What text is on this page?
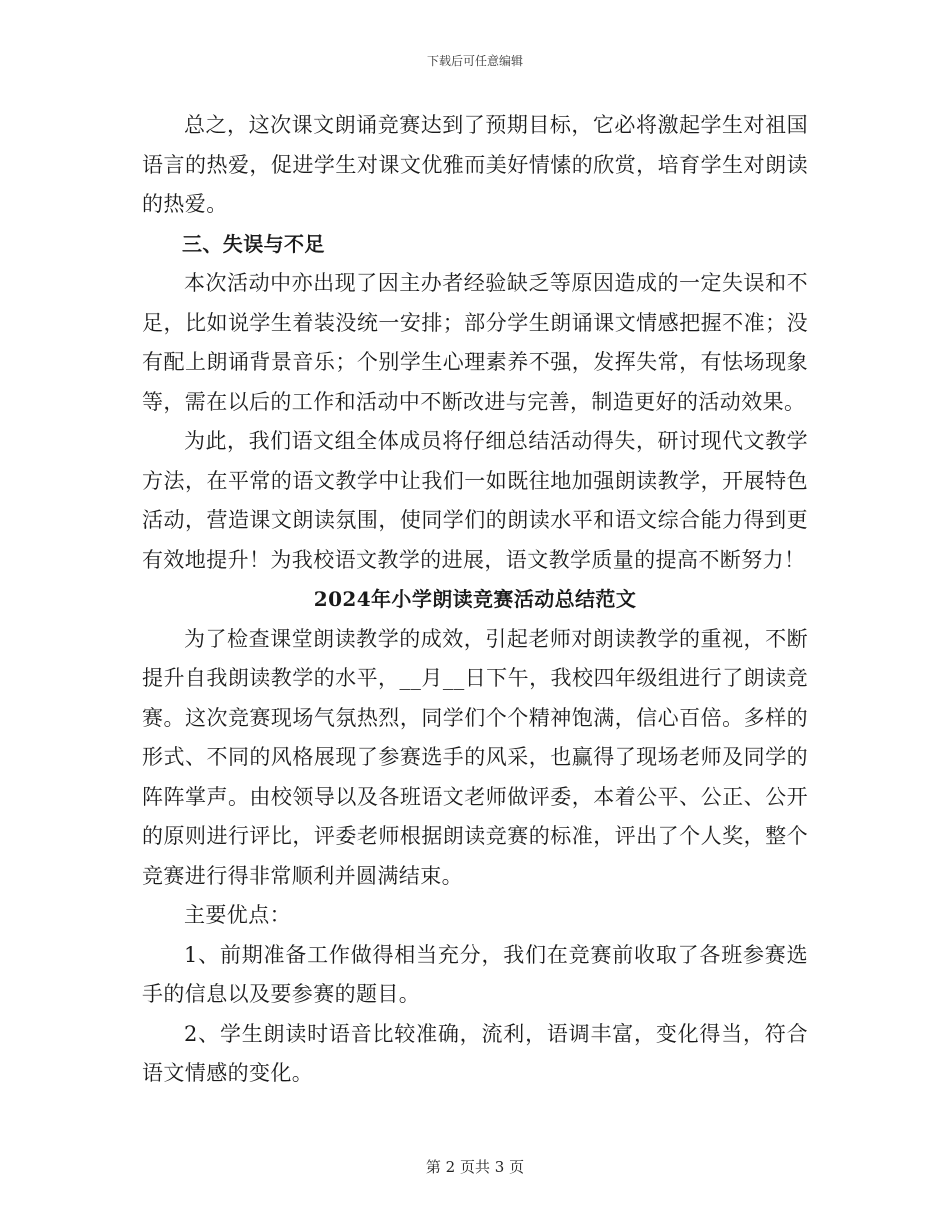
下载后可任意编辑

总之，这次课文朗诵竞赛达到了预期目标，它必将激起学生对祖国语言的热爱，促进学生对课文优雅而美好情愫的欣赏，培育学生对朗读的热爱。

三、失误与不足

本次活动中亦出现了因主办者经验缺乏等原因造成的一定失误和不足，比如说学生着装没统一安排；部分学生朗诵课文情感把握不准；没有配上朗诵背景音乐；个别学生心理素养不强，发挥失常，有怯场现象等，需在以后的工作和活动中不断改进与完善，制造更好的活动效果。

为此，我们语文组全体成员将仔细总结活动得失，研讨现代文教学方法，在平常的语文教学中让我们一如既往地加强朗读教学，开展特色活动，营造课文朗读氛围，使同学们的朗读水平和语文综合能力得到更有效地提升！为我校语文教学的进展，语文教学质量的提高不断努力！

2024年小学朗读竞赛活动总结范文

为了检查课堂朗读教学的成效，引起老师对朗读教学的重视，不断提升自我朗读教学的水平，__月__日下午，我校四年级组进行了朗读竞赛。这次竞赛现场气氛热烈，同学们个个精神饱满，信心百倍。多样的形式、不同的风格展现了参赛选手的风采，也赢得了现场老师及同学的阵阵掌声。由校领导以及各班语文老师做评委，本着公平、公正、公开的原则进行评比，评委老师根据朗读竞赛的标准，评出了个人奖，整个竞赛进行得非常顺利并圆满结束。

主要优点：

1、前期准备工作做得相当充分，我们在竞赛前收取了各班参赛选手的信息以及要参赛的题目。

2、学生朗读时语音比较准确，流利，语调丰富，变化得当，符合语文情感的变化。

第 2 页共 3 页
